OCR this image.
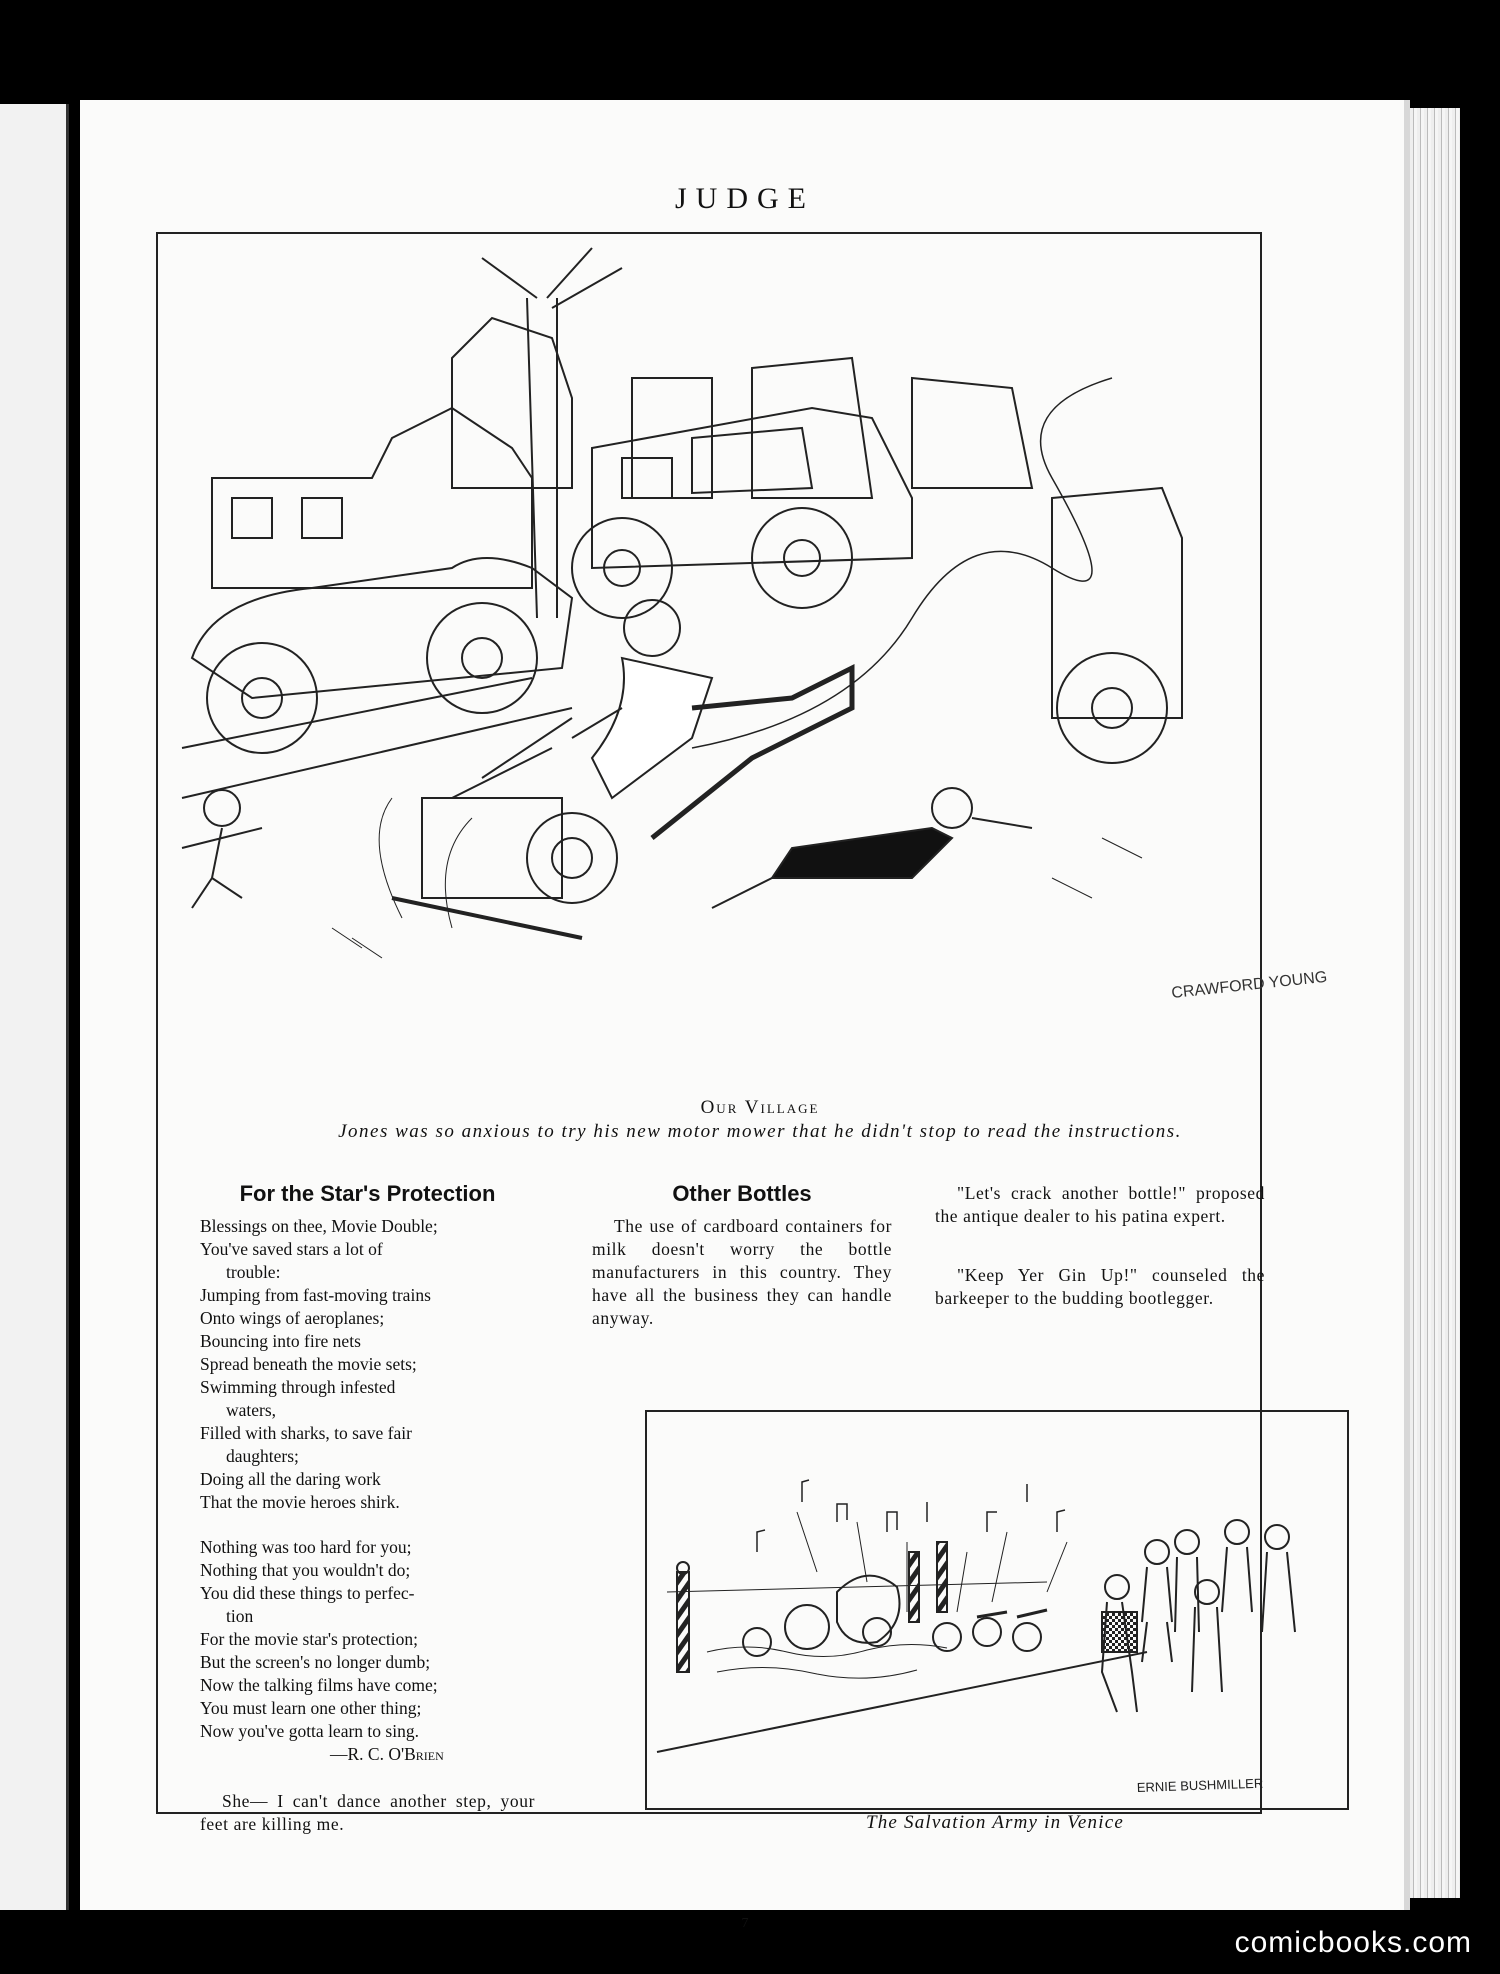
JUDGE
CRAWFORD YOUNG
Our Village
Jones was so anxious to try his new motor mower that he didn't stop to read the instructions.
For the Star's Protection
Blessings on thee, Movie Double;
You've saved stars a lot of
trouble:
Jumping from fast-moving trains
Onto wings of aeroplanes;
Bouncing into fire nets
Spread beneath the movie sets;
Swimming through infested
waters,
Filled with sharks, to save fair
daughters;
Doing all the daring work
That the movie heroes shirk.
Nothing was too hard for you;
Nothing that you wouldn't do;
You did these things to perfec-
tion
For the movie star's protection;
But the screen's no longer dumb;
Now the talking films have come;
You must learn one other thing;
Now you've gotta learn to sing.
—R. C. O'Brien
She— I can't dance another step, your feet are killing me.
Other Bottles
The use of cardboard containers for milk doesn't worry the bottle manufacturers in this country. They have all the business they can handle anyway.
"Let's crack another bottle!" proposed the antique dealer to his patina expert.
"Keep Yer Gin Up!" counseled the barkeeper to the budding bootlegger.
ERNIE BUSHMILLER
The Salvation Army in Venice
7
comicbooks.com
